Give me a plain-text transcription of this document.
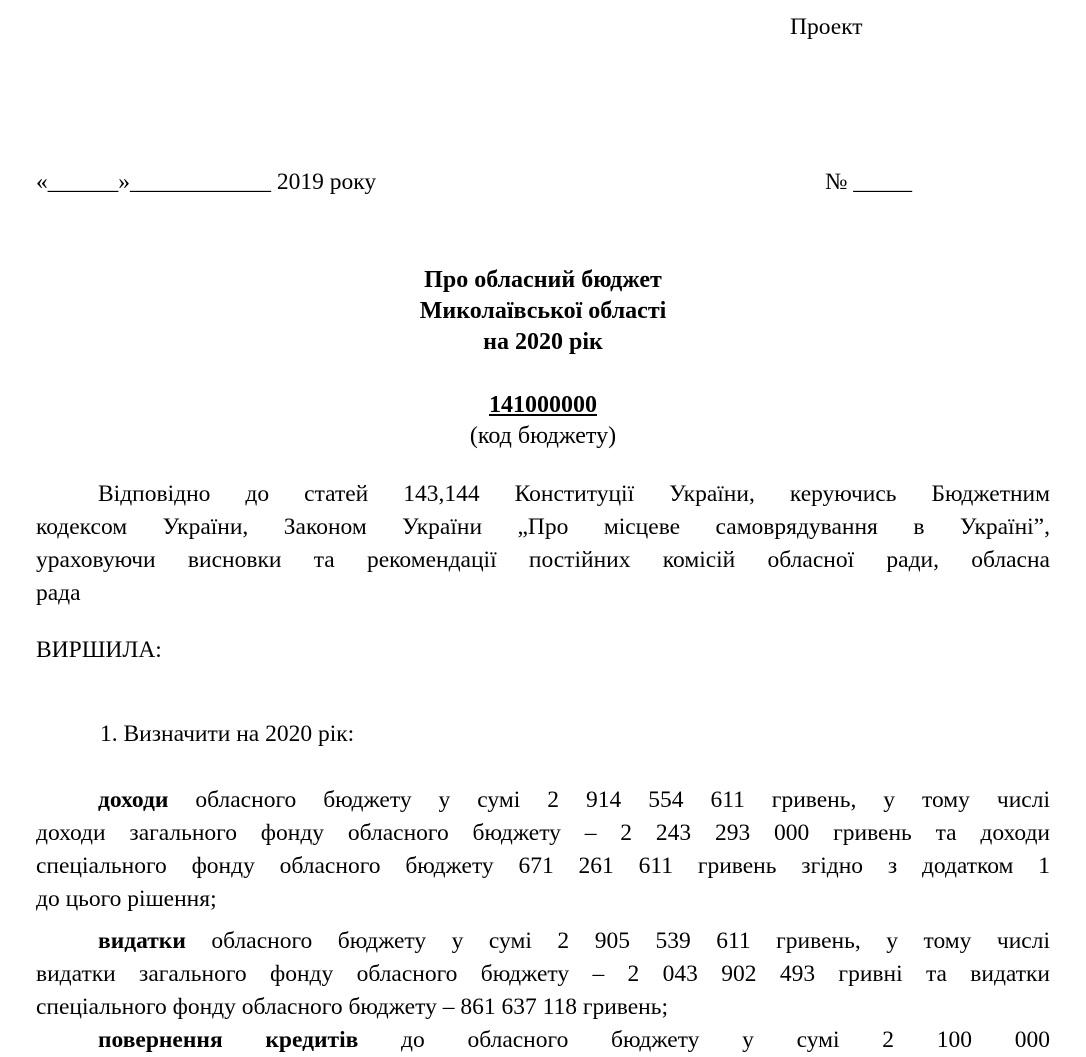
Проект
«______»____________ 2019 року	№ _____
Про обласний бюджет
Миколаївської області
на 2020 рік
141000000
(код бюджету)
Відповідно до статей 143,144 Конституції України, керуючись Бюджетним
кодексом України, Законом України „Про місцеве самоврядування в Україні”,
ураховуючи висновки та рекомендації постійних комісій обласної ради, обласна
рада
ВИРШИЛА:
1. Визначити на 2020 рік:
доходи обласного бюджету у сумі 2 914 554 611 гривень, у тому числі
доходи загального фонду обласного бюджету – 2 243 293 000 гривень та доходи
спеціального фонду обласного бюджету 671 261 611 гривень згідно з додатком 1
до цього рішення;
видатки обласного бюджету у сумі 2 905 539 611 гривень, у тому числі
видатки загального фонду обласного бюджету – 2 043 902 493 гривні та видатки
спеціального фонду обласного бюджету – 861 637 118 гривень;
повернення кредитів до обласного бюджету у сумі 2 100 000
